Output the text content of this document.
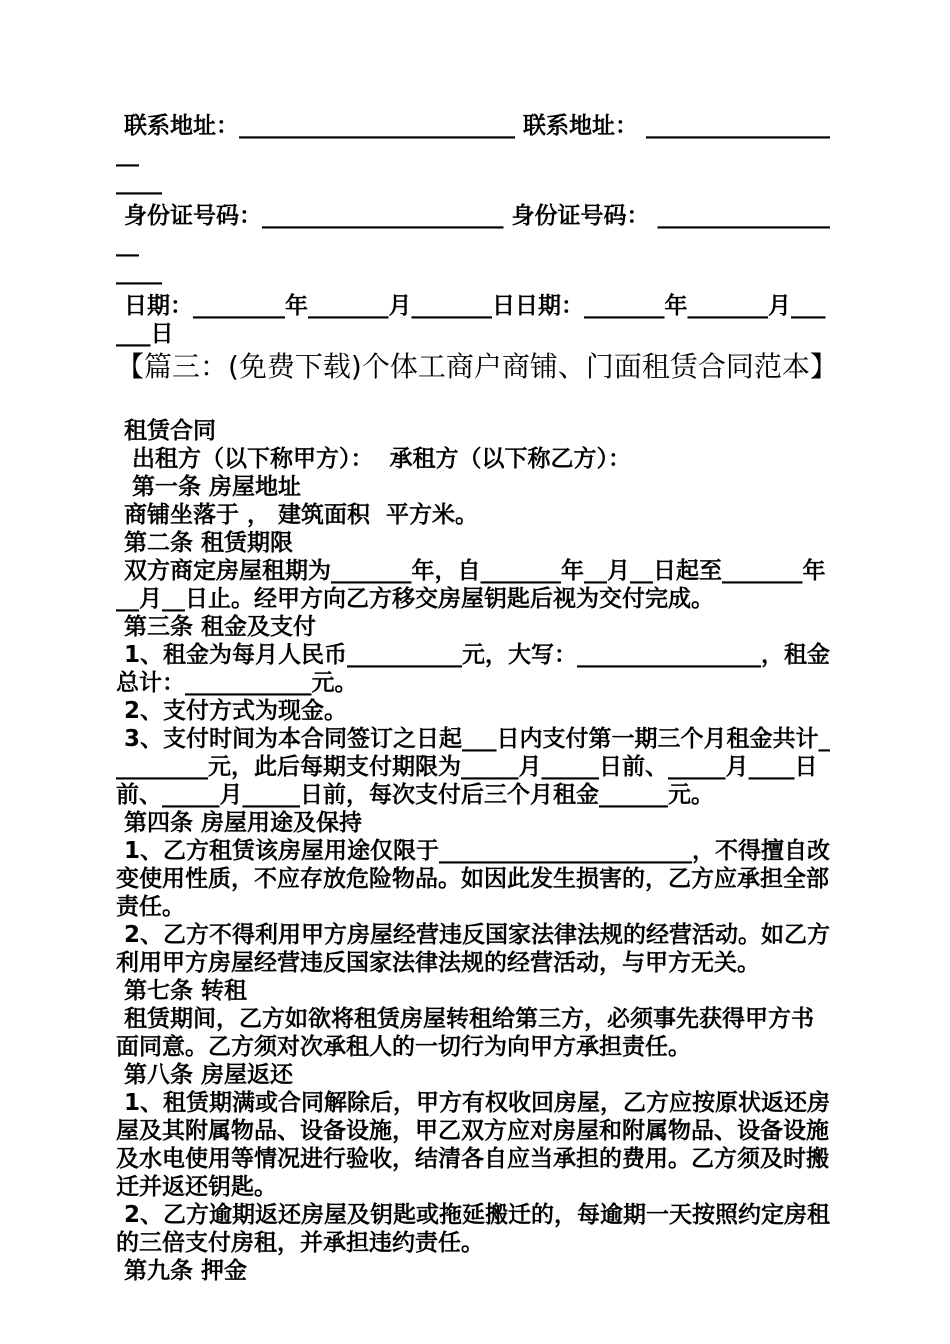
联系地址：________________________ 联系地址： __________________
____
身份证号码：_____________________ 身份证号码： _________________
____
日期：________年_______月_______日日期：_______年_______月___
___日
【篇三：(免费下载)个体工商户商铺、门面租赁合同范本】
租赁合同
出租方（以下称甲方）：  承租方（以下称乙方）：
第一条 房屋地址
商铺坐落于 ， 建筑面积  平方米。
第二条 租赁期限
双方商定房屋租期为_______年，自_______年__月__日起至_______年__月__日止。经甲方向乙方移交房屋钥匙后视为交付完成。
第三条 租金及支付
1、租金为每月人民币__________元，大写：________________，租金总计：___________元。
2、支付方式为现金。
3、支付时间为本合同签订之日起___日内支付第一期三个月租金共计_________元，此后每期支付期限为_____月_____日前、_____月____日前、_____月_____日前，每次支付后三个月租金______元。
第四条 房屋用途及保持
1、乙方租赁该房屋用途仅限于______________________，不得擅自改变使用性质，不应存放危险物品。如因此发生损害的，乙方应承担全部责任。
2、乙方不得利用甲方房屋经营违反国家法律法规的经营活动。如乙方利用甲方房屋经营违反国家法律法规的经营活动，与甲方无关。
第七条 转租
租赁期间，乙方如欲将租赁房屋转租给第三方，必须事先获得甲方书面同意。乙方须对次承租人的一切行为向甲方承担责任。
第八条 房屋返还
1、租赁期满或合同解除后，甲方有权收回房屋，乙方应按原状返还房屋及其附属物品、设备设施，甲乙双方应对房屋和附属物品、设备设施及水电使用等情况进行验收，结清各自应当承担的费用。乙方须及时搬迁并返还钥匙。
2、乙方逾期返还房屋及钥匙或拖延搬迁的，每逾期一天按照约定房租的三倍支付房租，并承担违约责任。
第九条 押金
